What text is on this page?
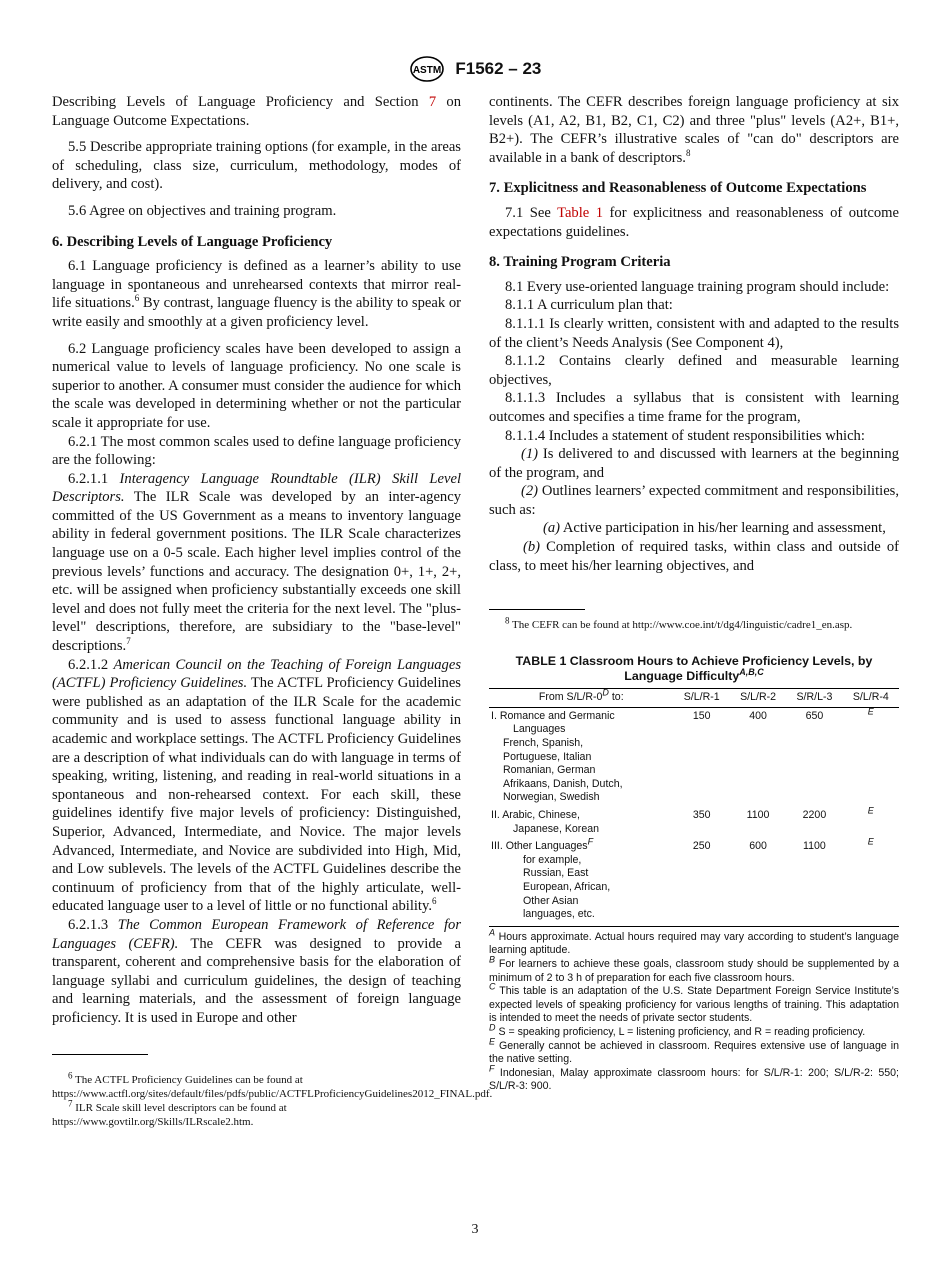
ASTM F1562 – 23

Describing Levels of Language Proficiency and Section 7 on Language Outcome Expectations.

5.5 Describe appropriate training options (for example, in the areas of scheduling, class size, curriculum, methodology, modes of delivery, and cost).

5.6 Agree on objectives and training program.

6. Describing Levels of Language Proficiency

6.1 Language proficiency is defined as a learner’s ability to use language in spontaneous and unrehearsed contexts that mirror real-life situations.$^6$ By contrast, language fluency is the ability to speak or write easily and smoothly at a given proficiency level.

6.2 Language proficiency scales have been developed to assign a numerical value to levels of language proficiency. No one scale is superior to another. A consumer must consider the audience for which the scale was developed in determining whether or not the particular scale it appropriate for use.

6.2.1 The most common scales used to define language proficiency are the following:

6.2.1.1 Interagency Language Roundtable (ILR) Skill Level Descriptors. The ILR Scale was developed by an inter-agency committed of the US Government as a means to inventory language ability in federal government positions. The ILR Scale characterizes language use on a 0-5 scale. Each higher level implies control of the previous levels’ functions and accuracy. The designation 0+, 1+, 2+, etc. will be assigned when proficiency substantially exceeds one skill level and does not fully meet the criteria for the next level. The "plus-level" descriptions, therefore, are subsidiary to the "base-level" descriptions.$^7$

6.2.1.2 American Council on the Teaching of Foreign Languages (ACTFL) Proficiency Guidelines. The ACTFL Proficiency Guidelines were published as an adaptation of the ILR Scale for the academic community and is used to assess functional language ability in academic and workplace settings. The ACTFL Proficiency Guidelines are a description of what individuals can do with language in terms of speaking, writing, listening, and reading in real-world situations in a spontaneous and non-rehearsed context. For each skill, these guidelines identify five major levels of proficiency: Distinguished, Superior, Advanced, Intermediate, and Novice. The major levels Advanced, Intermediate, and Novice are subdivided into High, Mid, and Low sublevels. The levels of the ACTFL Guidelines describe the continuum of proficiency from that of the highly articulate, well-educated language user to a level of little or no functional ability.$^6$

6.2.1.3 The Common European Framework of Reference for Languages (CEFR). The CEFR was designed to provide a transparent, coherent and comprehensive basis for the elaboration of language syllabi and curriculum guidelines, the design of teaching and learning materials, and the assessment of foreign language proficiency. It is used in Europe and other

$^6$ The ACTFL Proficiency Guidelines can be found at https://www.actfl.org/sites/default/files/pdfs/public/ACTFLProficiencyGuidelines2012_FINAL.pdf.

$^7$ ILR Scale skill level descriptors can be found at https://www.govtilr.org/Skills/ILRscale2.htm.

continents. The CEFR describes foreign language proficiency at six levels (A1, A2, B1, B2, C1, C2) and three "plus" levels (A2+, B1+, B2+). The CEFR’s illustrative scales of "can do" descriptors are available in a bank of descriptors.$^8$

7. Explicitness and Reasonableness of Outcome Expectations

7.1 See Table 1 for explicitness and reasonableness of outcome expectations guidelines.

8. Training Program Criteria

8.1 Every use-oriented language training program should include:

8.1.1 A curriculum plan that:

8.1.1.1 Is clearly written, consistent with and adapted to the results of the client’s Needs Analysis (See Component 4),

8.1.1.2 Contains clearly defined and measurable learning objectives,

8.1.1.3 Includes a syllabus that is consistent with learning outcomes and specifies a time frame for the program,

8.1.1.4 Includes a statement of student responsibilities which:

(1) Is delivered to and discussed with learners at the beginning of the program, and

(2) Outlines learners’ expected commitment and responsibilities, such as:

(a) Active participation in his/her learning and assessment,

(b) Completion of required tasks, within class and outside of class, to meet his/her learning objectives, and

$^8$ The CEFR can be found at http://www.coe.int/t/dg4/linguistic/cadre1_en.asp.

TABLE 1 Classroom Hours to Achieve Proficiency Levels, by Language Difficulty$^{A,B,C}$

From $S/L/R-0^D$ to:	S/L/R-1	S/L/R-2	S/R/L-3	S/L/R-4
I. Romance and Germanic
Languages
French, Spanish, Portuguese, Italian Romanian, German Afrikaans, Danish, Dutch, Norwegian, Swedish	150	400	650	$^E$
II. Arabic, Chinese,
Japanese, Korean	350	1100	2200	$^E$
III. Other Languages$^F$
for example, Russian, East European, African, Other Asian languages, etc.	250	600	1100	$^E$

$^A$ Hours approximate. Actual hours required may vary according to student’s language learning aptitude.

$^B$ For learners to achieve these goals, classroom study should be supplemented by a minimum of 2 to 3 h of preparation for each five classroom hours.

$^C$ This table is an adaptation of the U.S. State Department Foreign Service Institute’s expected levels of speaking proficiency for various lengths of training. This adaptation is intended to meet the needs of private sector students.

$^D$ S = speaking proficiency, L = listening proficiency, and R = reading proficiency.

$^E$ Generally cannot be achieved in classroom. Requires extensive use of language in the native setting.

$^F$ Indonesian, Malay approximate classroom hours: for S/L/R-1: 200; S/L/R-2: 550; S/L/R-3: 900.

3
